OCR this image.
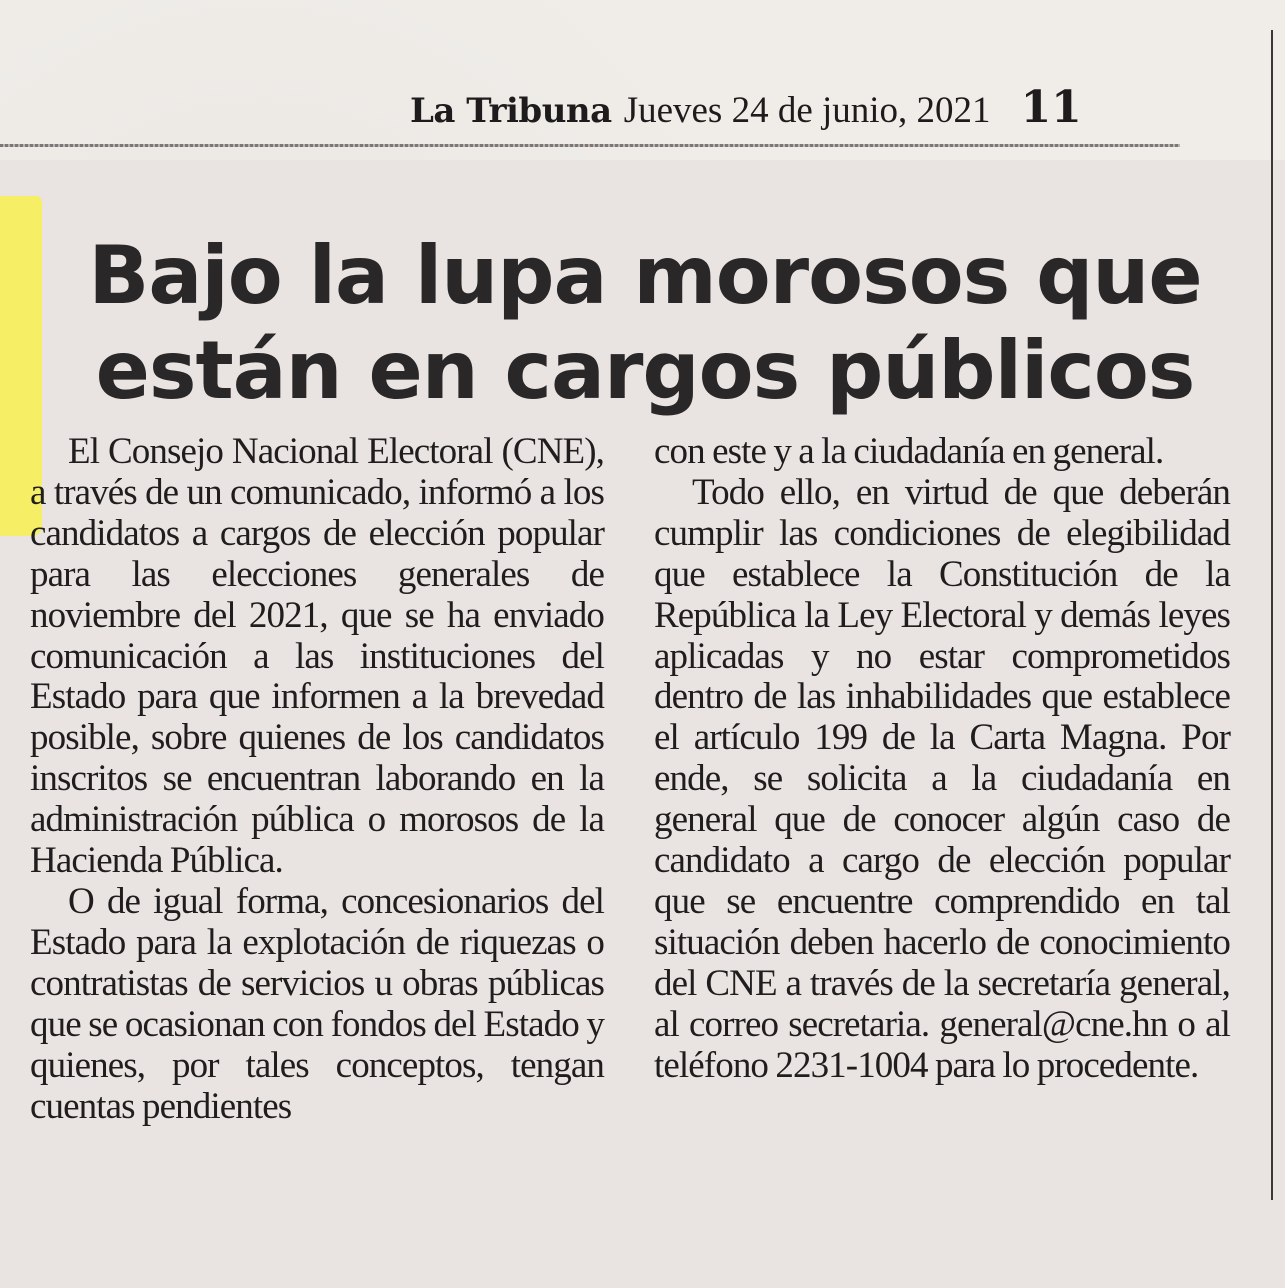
La Tribuna Jueves 24 de junio, 2021 11
Bajo la lupa morosos que
están en cargos públicos

El Consejo Nacional Electoral (CNE), a través de un comunicado, informó a los candidatos a cargos de elección popular para las elecciones generales de noviembre del 2021, que se ha enviado comunicación a las instituciones del Estado para que informen a la brevedad posible, sobre quienes de los candidatos inscritos se encuentran laborando en la administración pública o morosos de la Hacienda Pública.

O de igual forma, concesionarios del Estado para la explotación de riquezas o contratistas de servicios u obras públicas que se ocasionan con fondos del Estado y quienes, por tales conceptos, tengan cuentas pendientes

con este y a la ciudadanía en general.

Todo ello, en virtud de que deberán cumplir las condiciones de elegibilidad que establece la Constitución de la República la Ley Electoral y demás leyes aplicadas y no estar comprometidos dentro de las inhabilidades que establece el artículo 199 de la Carta Magna. Por ende, se solicita a la ciudadanía en general que de conocer algún caso de candidato a cargo de elección popular que se encuentre comprendido en tal situación deben hacerlo de conocimiento del CNE a través de la secretaría general, al correo secretaria. general@cne.hn o al teléfono 2231-1004 para lo procedente.
